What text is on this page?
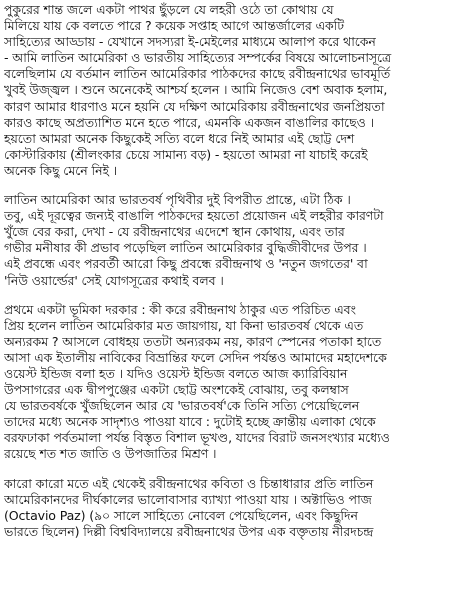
পুকুরের শান্ত জলে একটা পাথর ছুঁড়লে যে লহরী ওঠে তা কোথায় যে
মিলিয়ে যায় কে বলতে পারে ? কয়েক সপ্তাহ আগে আন্তর্জালের একটি
সাহিত্যের আড্ডায় - যেখানে সদস্যরা ই-মেইলের মাধ্যমে আলাপ করে থাকেন
- আমি লাতিন আমেরিকা ও ভারতীয় সাহিত্যের সম্পর্কের বিষয়ে আলোচনাসূত্রে
বলেছিলাম যে বর্তমান লাতিন আমেরিকার পাঠকদের কাছে রবীন্দ্রনাথের ভাবমূর্তি
খুবই উজ্জ্বল । শুনে অনেকেই আশ্চর্য হলেন । আমি নিজেও বেশ অবাক হলাম,
কারণ আমার ধারণাও মনে হয়নি যে দক্ষিণ আমেরিকায় রবীন্দ্রনাথের জনপ্রিয়তা
কারও কাছে অপ্রত্যাশিত মনে হতে পারে, এমনকি একজন বাঙালির কাছেও ।
হয়তো আমরা অনেক কিছুকেই সত্যি বলে ধরে নিই আমার এই ছোট্ট দেশ
কোস্টারিকায় (শ্রীলংকার চেয়ে সামান্য বড়) - হয়তো আমরা না যাচাই করেই
অনেক কিছু মেনে নিই ।
লাতিন আমেরিকা আর ভারতবর্ষ পৃথিবীর দুই বিপরীত প্রান্তে, এটা ঠিক ।
তবু, এই দূরত্বের জন্যই বাঙালি পাঠকদের হয়তো প্রয়োজন এই লহরীর কারণটা
খুঁজে বের করা, দেখা - যে রবীন্দ্রনাথের এদেশে স্থান কোথায়, এবং তার
গভীর মনীষার কী প্রভাব পড়েছিল লাতিন আমেরিকার বুদ্ধিজীবীদের উপর ।
এই প্রবন্ধে এবং পরবর্তী আরো কিছু প্রবন্ধে রবীন্দ্রনাথ ও 'নতুন জগতের' বা
'নিউ ওয়ার্ল্ডের' সেই যোগসূত্রের কথাই বলব ।
প্রথমে একটা ভূমিকা দরকার : কী করে রবীন্দ্রনাথ ঠাকুর এত পরিচিত এবং
প্রিয় হলেন লাতিন আমেরিকার মত জায়গায়, যা কিনা ভারতবর্ষ থেকে এত
অন্যরকম ? আসলে বোধহয় ততটা অন্যরকম নয়, কারণ স্পেনের পতাকা হাতে
আসা এক ইতালীয় নাবিকের বিভ্রান্তির ফলে সেদিন পর্যন্তও আমাদের মহাদেশকে
ওয়েস্ট ইন্ডিজ বলা হত । যদিও ওয়েস্ট ইন্ডিজ বলতে আজ ক্যারিবিয়ান
উপসাগরের এক দ্বীপপুঞ্জের একটা ছোট্ট অংশকেই বোঝায়, তবু কলম্বাস
যে ভারতবর্ষকে খুঁজছিলেন আর যে 'ভারতবর্ষ'কে তিনি সত্যি পেয়েছিলেন
তাদের মধ্যে অনেক সাদৃশ্যও পাওয়া যাবে : দুটোই হচ্ছে ক্রান্তীয় এলাকা থেকে
বরফঢাকা পর্বতমালা পর্যন্ত বিস্তৃত বিশাল ভূখণ্ড, যাদের বিরাট জনসংখ্যার মধ্যেও
রয়েছে শত শত জাতি ও উপজাতির মিশ্রণ ।
কারো কারো মতে এই থেকেই রবীন্দ্রনাথের কবিতা ও চিন্তাধারার প্রতি লাতিন
আমেরিকানদের দীর্ঘকালের ভালোবাসার ব্যাখ্যা পাওয়া যায় । অক্টাভিও পাজ
(Octavio Paz) (৯০ সালে সাহিত্যে নোবেল পেয়েছিলেন, এবং কিছুদিন
ভারতে ছিলেন) দিল্লী বিশ্ববিদ্যালয়ে রবীন্দ্রনাথের উপর এক বক্তৃতায় নীরদচন্দ্র
